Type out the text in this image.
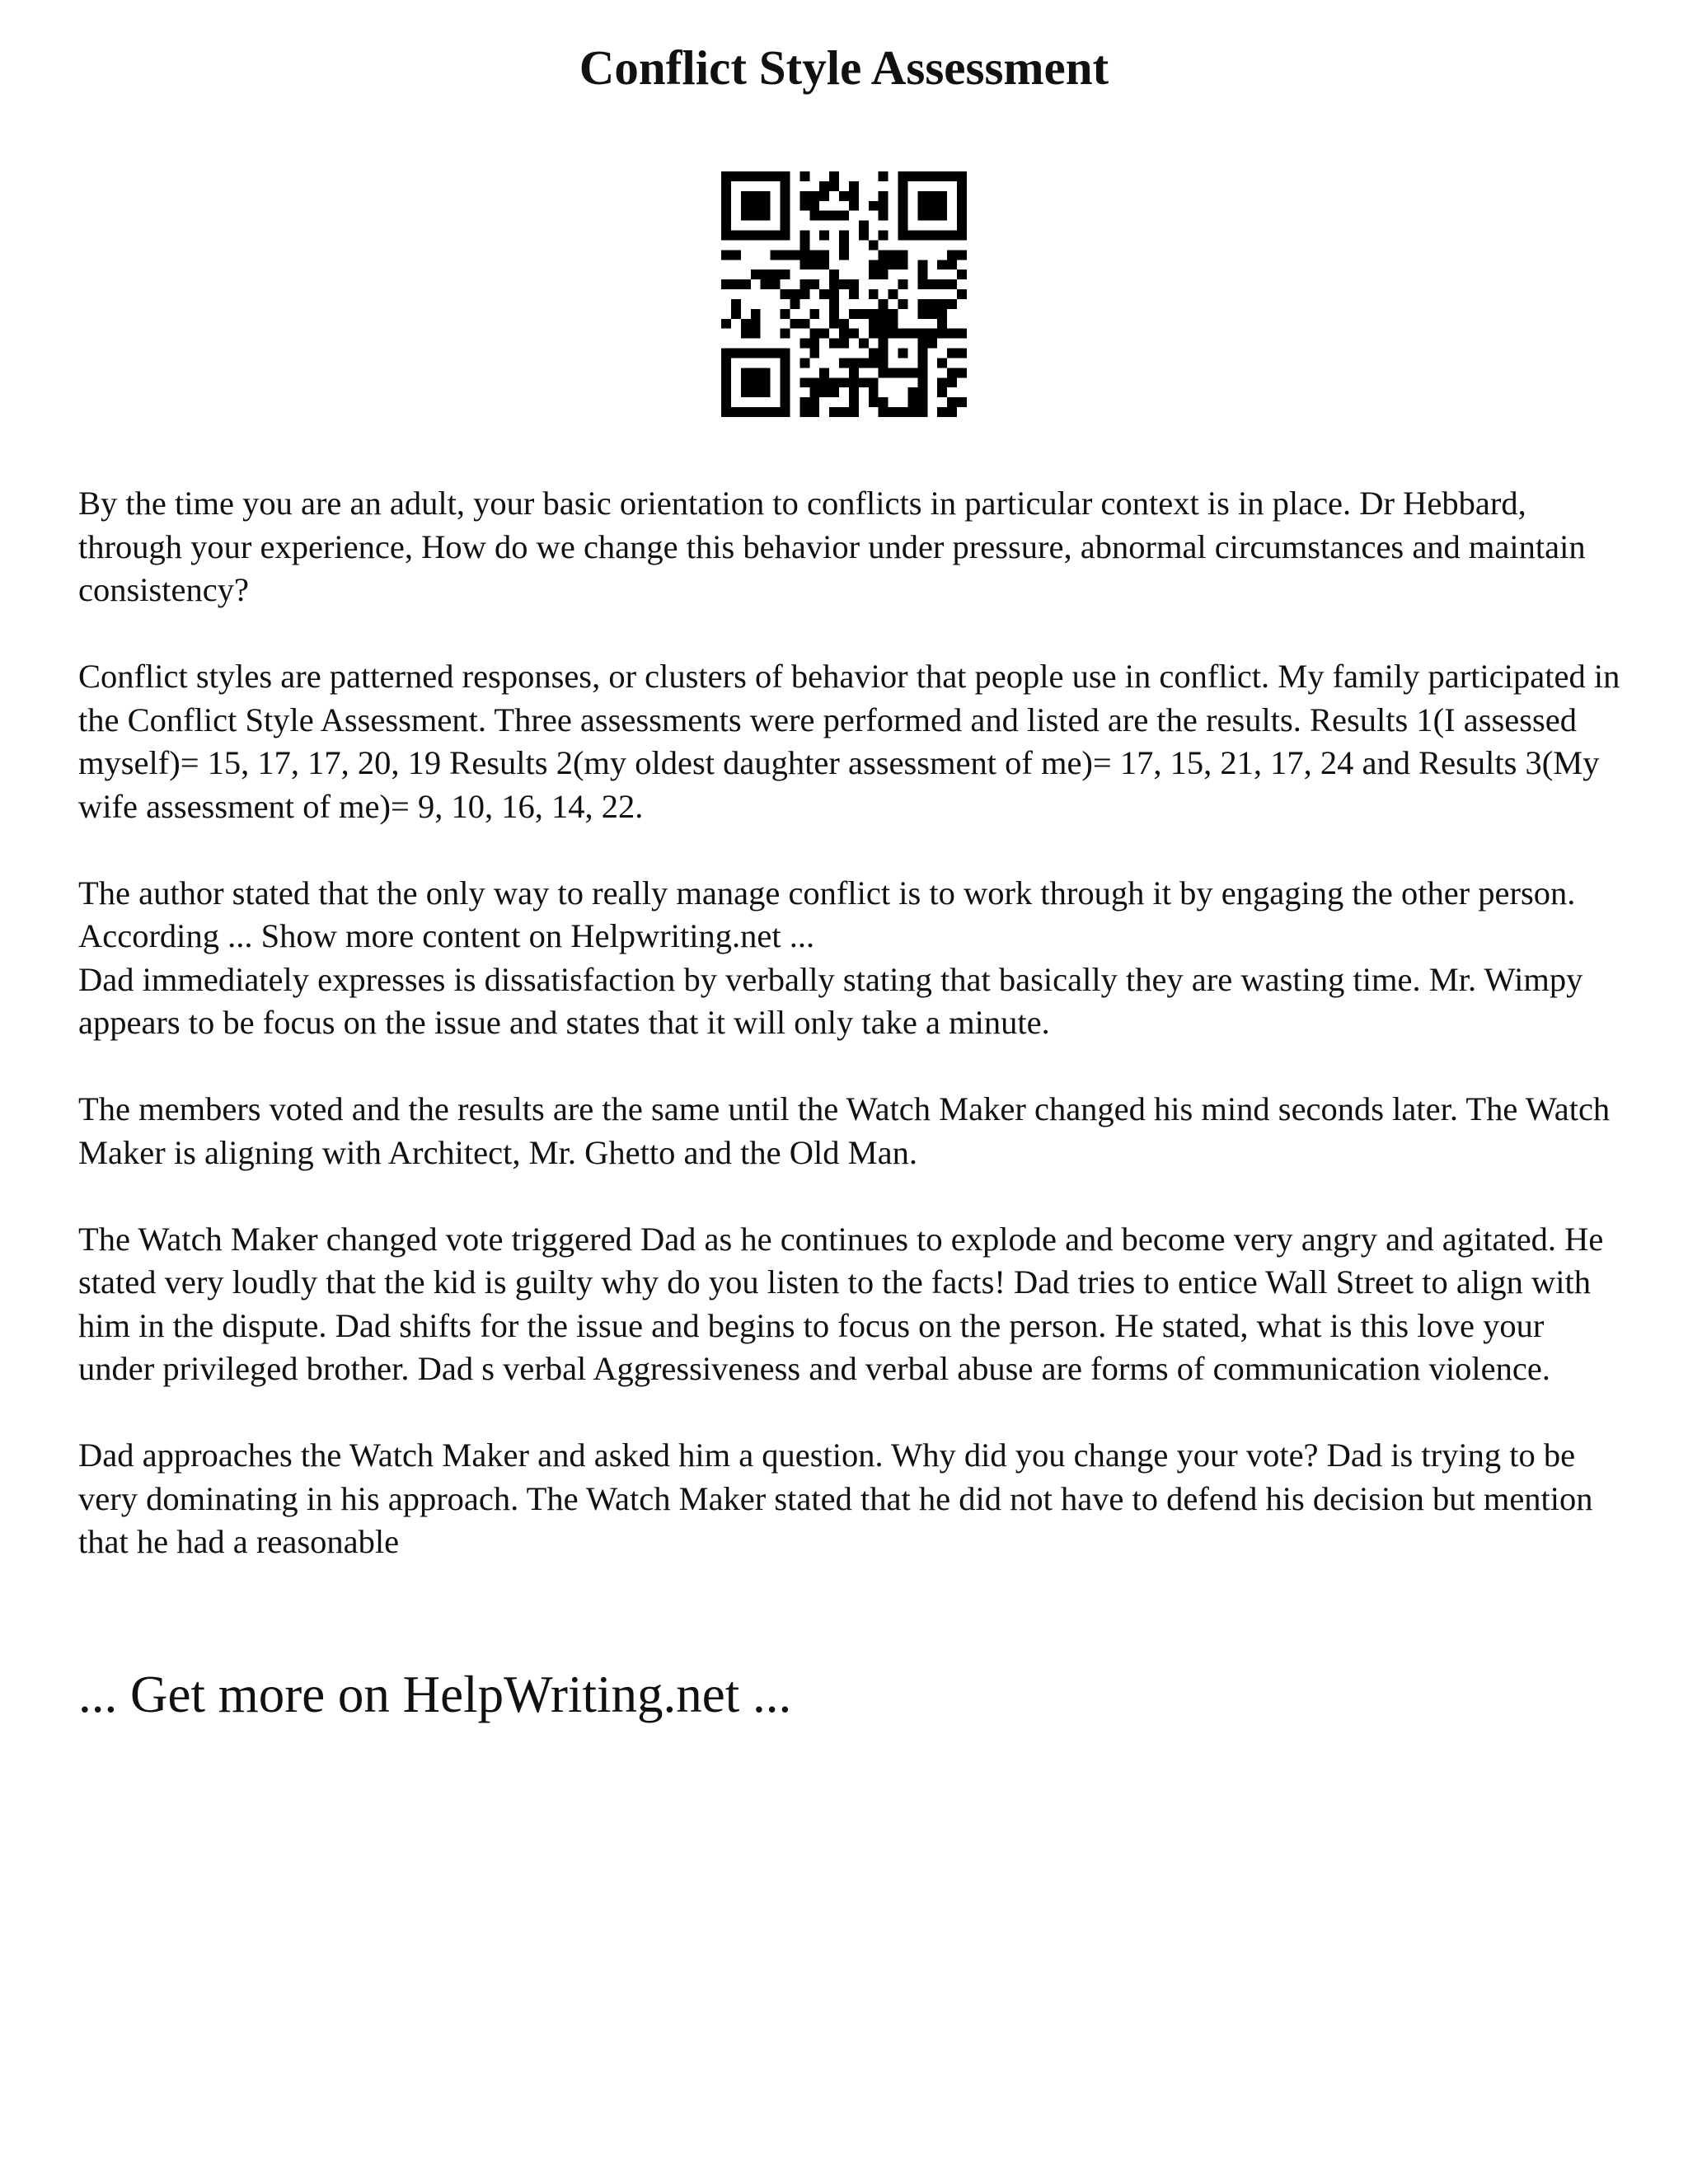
Conflict Style Assessment

By the time you are an adult, your basic orientation to conflicts in particular context is in place. Dr Hebbard, through your experience, How do we change this behavior under pressure, abnormal circumstances and maintain consistency?

Conflict styles are patterned responses, or clusters of behavior that people use in conflict. My family participated in the Conflict Style Assessment. Three assessments were performed and listed are the results. Results 1(I assessed myself)= 15, 17, 17, 20, 19 Results 2(my oldest daughter assessment of me)= 17, 15, 21, 17, 24 and Results 3(My wife assessment of me)= 9, 10, 16, 14, 22.

The author stated that the only way to really manage conflict is to work through it by engaging the other person. According ... Show more content on Helpwriting.net ...

Dad immediately expresses is dissatisfaction by verbally stating that basically they are wasting time. Mr. Wimpy appears to be focus on the issue and states that it will only take a minute.

The members voted and the results are the same until the Watch Maker changed his mind seconds later. The Watch Maker is aligning with Architect, Mr. Ghetto and the Old Man.

The Watch Maker changed vote triggered Dad as he continues to explode and become very angry and agitated. He stated very loudly that the kid is guilty why do you listen to the facts! Dad tries to entice Wall Street to align with him in the dispute. Dad shifts for the issue and begins to focus on the person. He stated, what is this love your under privileged brother. Dad s verbal Aggressiveness and verbal abuse are forms of communication violence.

Dad approaches the Watch Maker and asked him a question. Why did you change your vote? Dad is trying to be very dominating in his approach. The Watch Maker stated that he did not have to defend his decision but mention that he had a reasonable

... Get more on HelpWriting.net ...
